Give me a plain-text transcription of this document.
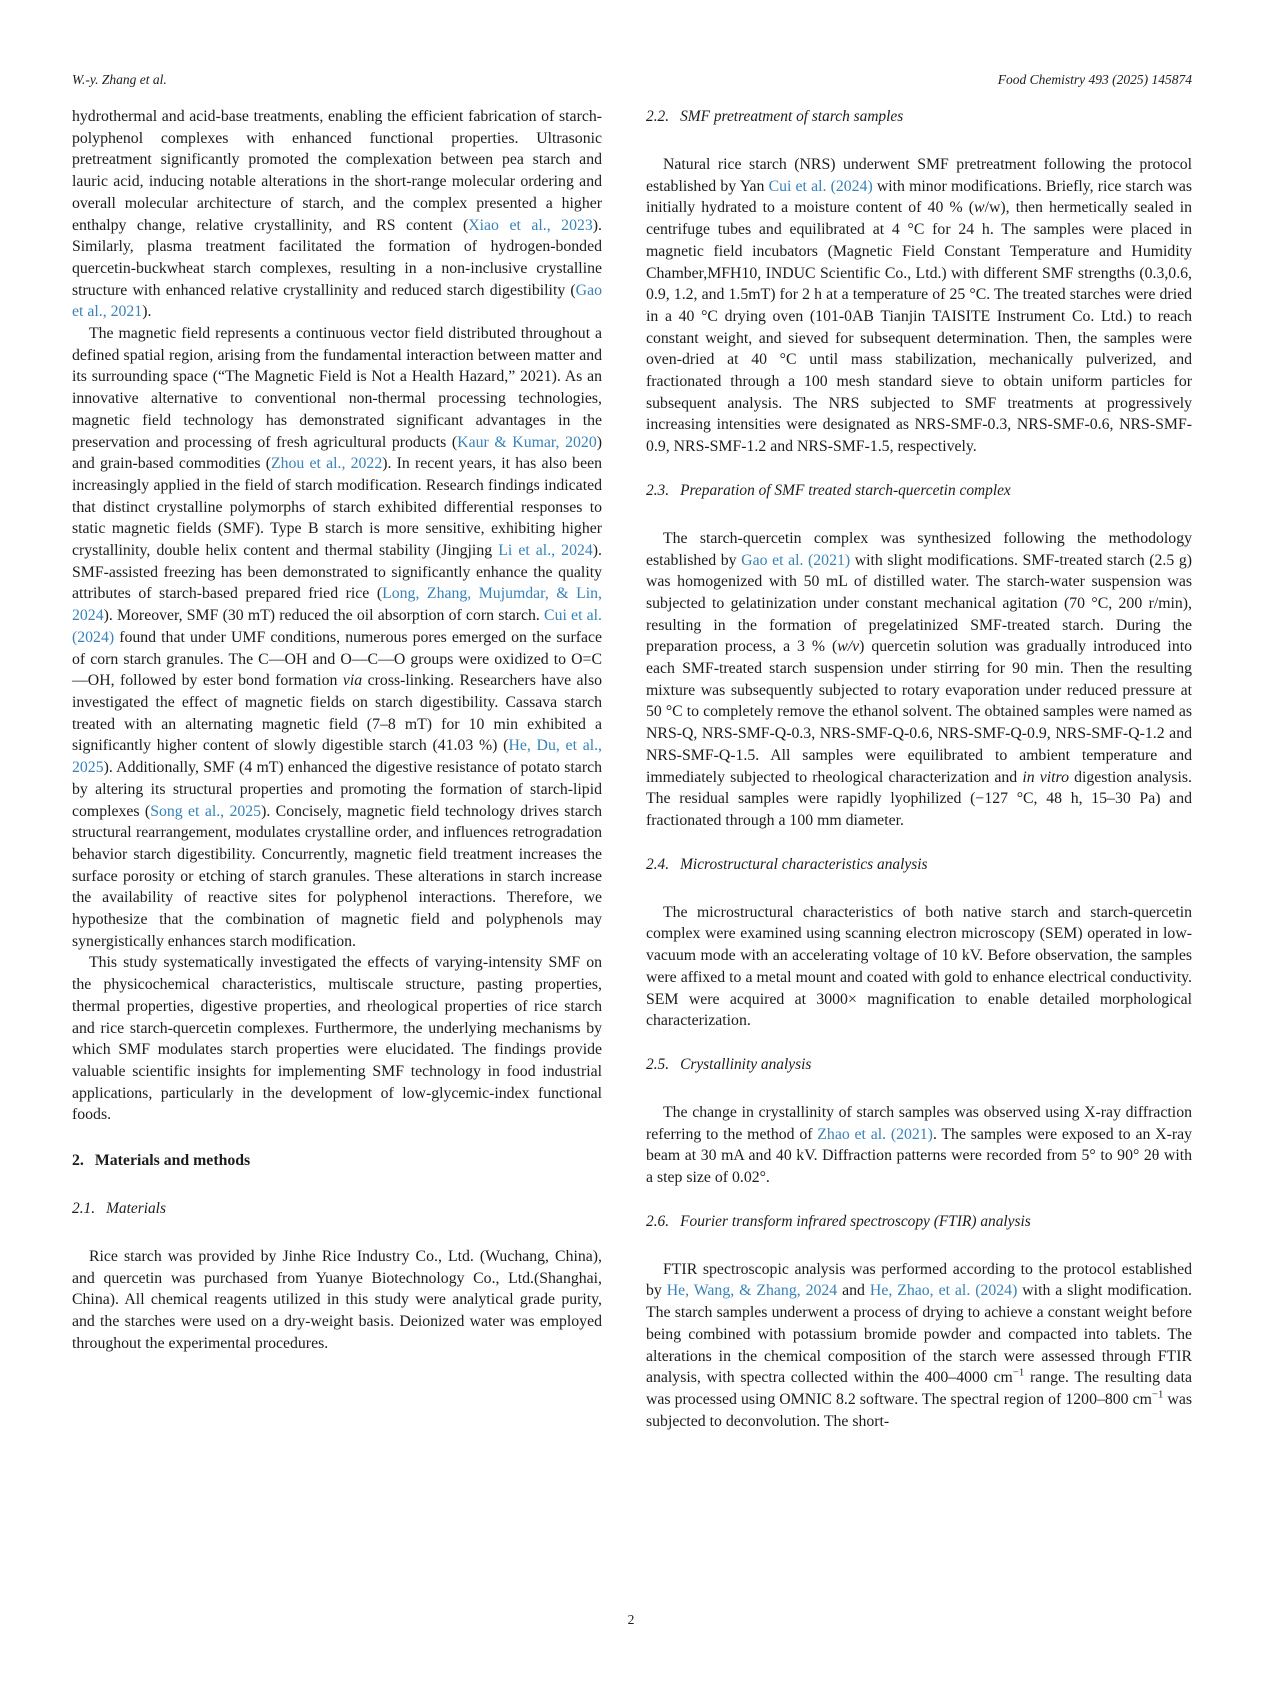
W.-y. Zhang et al.	Food Chemistry 493 (2025) 145874

hydrothermal and acid-base treatments, enabling the efficient fabrication of starch-polyphenol complexes with enhanced functional properties. Ultrasonic pretreatment significantly promoted the complexation between pea starch and lauric acid, inducing notable alterations in the short-range molecular ordering and overall molecular architecture of starch, and the complex presented a higher enthalpy change, relative crystallinity, and RS content (Xiao et al., 2023). Similarly, plasma treatment facilitated the formation of hydrogen-bonded quercetin-buckwheat starch complexes, resulting in a non-inclusive crystalline structure with enhanced relative crystallinity and reduced starch digestibility (Gao et al., 2021).

The magnetic field represents a continuous vector field distributed throughout a defined spatial region, arising from the fundamental interaction between matter and its surrounding space (“The Magnetic Field is Not a Health Hazard,” 2021). As an innovative alternative to conventional non-thermal processing technologies, magnetic field technology has demonstrated significant advantages in the preservation and processing of fresh agricultural products (Kaur & Kumar, 2020) and grain-based commodities (Zhou et al., 2022). In recent years, it has also been increasingly applied in the field of starch modification. Research findings indicated that distinct crystalline polymorphs of starch exhibited differential responses to static magnetic fields (SMF). Type B starch is more sensitive, exhibiting higher crystallinity, double helix content and thermal stability (Jingjing Li et al., 2024). SMF-assisted freezing has been demonstrated to significantly enhance the quality attributes of starch-based prepared fried rice (Long, Zhang, Mujumdar, & Lin, 2024). Moreover, SMF (30 mT) reduced the oil absorption of corn starch. Cui et al. (2024) found that under UMF conditions, numerous pores emerged on the surface of corn starch granules. The C—OH and O—C—O groups were oxidized to O=C—OH, followed by ester bond formation via cross-linking. Researchers have also investigated the effect of magnetic fields on starch digestibility. Cassava starch treated with an alternating magnetic field (7–8 mT) for 10 min exhibited a significantly higher content of slowly digestible starch (41.03 %) (He, Du, et al., 2025). Additionally, SMF (4 mT) enhanced the digestive resistance of potato starch by altering its structural properties and promoting the formation of starch-lipid complexes (Song et al., 2025). Concisely, magnetic field technology drives starch structural rearrangement, modulates crystalline order, and influences retrogradation behavior starch digestibility. Concurrently, magnetic field treatment increases the surface porosity or etching of starch granules. These alterations in starch increase the availability of reactive sites for polyphenol interactions. Therefore, we hypothesize that the combination of magnetic field and polyphenols may synergistically enhances starch modification.

This study systematically investigated the effects of varying-intensity SMF on the physicochemical characteristics, multiscale structure, pasting properties, thermal properties, digestive properties, and rheological properties of rice starch and rice starch-quercetin complexes. Furthermore, the underlying mechanisms by which SMF modulates starch properties were elucidated. The findings provide valuable scientific insights for implementing SMF technology in food industrial applications, particularly in the development of low-glycemic-index functional foods.

2. Materials and methods
2.1. Materials

Rice starch was provided by Jinhe Rice Industry Co., Ltd. (Wuchang, China), and quercetin was purchased from Yuanye Biotechnology Co., Ltd.(Shanghai, China). All chemical reagents utilized in this study were analytical grade purity, and the starches were used on a dry-weight basis. Deionized water was employed throughout the experimental procedures.

2.2. SMF pretreatment of starch samples

Natural rice starch (NRS) underwent SMF pretreatment following the protocol established by Yan Cui et al. (2024) with minor modifications. Briefly, rice starch was initially hydrated to a moisture content of 40 % (w/w), then hermetically sealed in centrifuge tubes and equilibrated at 4 °C for 24 h. The samples were placed in magnetic field incubators (Magnetic Field Constant Temperature and Humidity Chamber,MFH10, INDUC Scientific Co., Ltd.) with different SMF strengths (0.3,0.6, 0.9, 1.2, and 1.5mT) for 2 h at a temperature of 25 °C. The treated starches were dried in a 40 °C drying oven (101-0AB Tianjin TAISITE Instrument Co. Ltd.) to reach constant weight, and sieved for subsequent determination. Then, the samples were oven-dried at 40 °C until mass stabilization, mechanically pulverized, and fractionated through a 100 mesh standard sieve to obtain uniform particles for subsequent analysis. The NRS subjected to SMF treatments at progressively increasing intensities were designated as NRS-SMF-0.3, NRS-SMF-0.6, NRS-SMF-0.9, NRS-SMF-1.2 and NRS-SMF-1.5, respectively.

2.3. Preparation of SMF treated starch-quercetin complex

The starch-quercetin complex was synthesized following the methodology established by Gao et al. (2021) with slight modifications. SMF-treated starch (2.5 g) was homogenized with 50 mL of distilled water. The starch-water suspension was subjected to gelatinization under constant mechanical agitation (70 °C, 200 r/min), resulting in the formation of pregelatinized SMF-treated starch. During the preparation process, a 3 % (w/v) quercetin solution was gradually introduced into each SMF-treated starch suspension under stirring for 90 min. Then the resulting mixture was subsequently subjected to rotary evaporation under reduced pressure at 50 °C to completely remove the ethanol solvent. The obtained samples were named as NRS-Q, NRS-SMF-Q-0.3, NRS-SMF-Q-0.6, NRS-SMF-Q-0.9, NRS-SMF-Q-1.2 and NRS-SMF-Q-1.5. All samples were equilibrated to ambient temperature and immediately subjected to rheological characterization and in vitro digestion analysis. The residual samples were rapidly lyophilized (−127 °C, 48 h, 15–30 Pa) and fractionated through a 100 mm diameter.

2.4. Microstructural characteristics analysis

The microstructural characteristics of both native starch and starch-quercetin complex were examined using scanning electron microscopy (SEM) operated in low-vacuum mode with an accelerating voltage of 10 kV. Before observation, the samples were affixed to a metal mount and coated with gold to enhance electrical conductivity. SEM were acquired at 3000× magnification to enable detailed morphological characterization.

2.5. Crystallinity analysis

The change in crystallinity of starch samples was observed using X-ray diffraction referring to the method of Zhao et al. (2021). The samples were exposed to an X-ray beam at 30 mA and 40 kV. Diffraction patterns were recorded from 5° to 90° 2θ with a step size of 0.02°.

2.6. Fourier transform infrared spectroscopy (FTIR) analysis

FTIR spectroscopic analysis was performed according to the protocol established by He, Wang, & Zhang, 2024 and He, Zhao, et al. (2024) with a slight modification. The starch samples underwent a process of drying to achieve a constant weight before being combined with potassium bromide powder and compacted into tablets. The alterations in the chemical composition of the starch were assessed through FTIR analysis, with spectra collected within the 400–4000 $cm^{-1}$ range. The resulting data was processed using OMNIC 8.2 software. The spectral region of 1200–800 $cm^{-1}$ was subjected to deconvolution. The short-

2
